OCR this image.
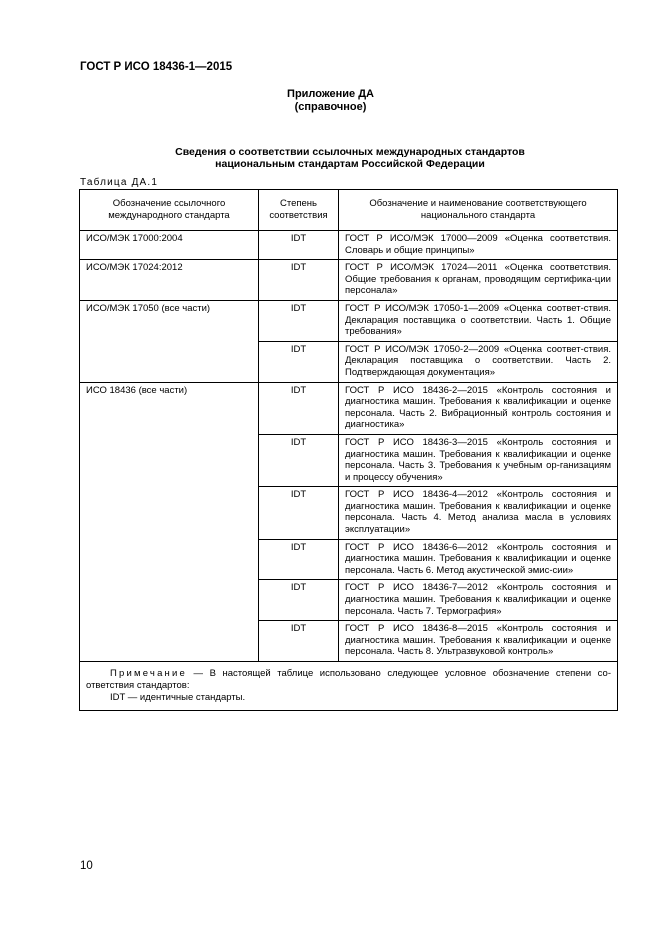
ГОСТ Р ИСО 18436-1—2015
Приложение ДА
(справочное)
Сведения о соответствии ссылочных международных стандартов
национальным стандартам Российской Федерации
Таблица ДА.1
Обозначение ссылочного международного стандарта	Степень соответствия	Обозначение и наименование соответствующего национального стандарта
ИСО/МЭК 17000:2004	IDT	ГОСТ Р ИСО/МЭК 17000—2009 «Оценка соответствия. Словарь и общие принципы»
ИСО/МЭК 17024:2012	IDT	ГОСТ Р ИСО/МЭК 17024—2011 «Оценка соответствия. Общие требования к органам, проводящим сертифика-ции персонала»
ИСО/МЭК 17050 (все части)	IDT	ГОСТ Р ИСО/МЭК 17050-1—2009 «Оценка соответ-ствия. Декларация поставщика о соответствии. Часть 1. Общие требования»
	IDT	ГОСТ Р ИСО/МЭК 17050-2—2009 «Оценка соответ-ствия. Декларация поставщика о соответствии. Часть 2. Подтверждающая документация»
ИСО 18436 (все части)	IDT	ГОСТ Р ИСО 18436-2—2015 «Контроль состояния и диагностика машин. Требования к квалификации и оценке персонала. Часть 2. Вибрационный контроль состояния и диагностика»
	IDT	ГОСТ Р ИСО 18436-3—2015 «Контроль состояния и диагностика машин. Требования к квалификации и оценке персонала. Часть 3. Требования к учебным ор-ганизациям и процессу обучения»
	IDT	ГОСТ Р ИСО 18436-4—2012 «Контроль состояния и диагностика машин. Требования к квалификации и оценке персонала. Часть 4. Метод анализа масла в условиях эксплуатации»
	IDT	ГОСТ Р ИСО 18436-6—2012 «Контроль состояния и диагностика машин. Требования к квалификации и оценке персонала. Часть 6. Метод акустической эмис-сии»
	IDT	ГОСТ Р ИСО 18436-7—2012 «Контроль состояния и диагностика машин. Требования к квалификации и оценке персонала. Часть 7. Термография»
	IDT	ГОСТ Р ИСО 18436-8—2015 «Контроль состояния и диагностика машин. Требования к квалификации и оценке персонала. Часть 8. Ультразвуковой контроль»

Примечание — В настоящей таблице использовано следующее условное обозначение степени со-ответствия стандартов:
IDT — идентичные стандарты.		
10
